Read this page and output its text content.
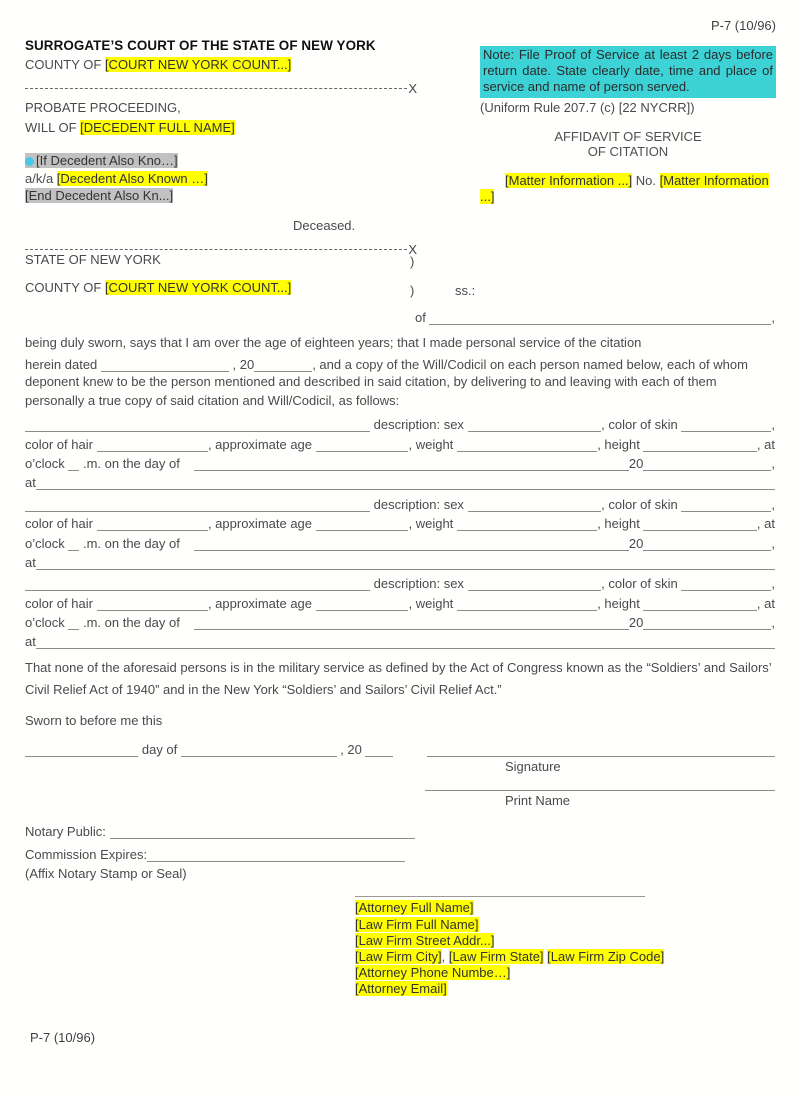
P-7 (10/96)
Note: File Proof of Service at least 2 days before return date. State clearly date, time and place of service and name of person served.
(Uniform Rule 207.7 (c) [22 NYCRR])
AFFIDAVIT OF SERVICE
OF CITATION
[Matter Information ...] No. [Matter Information ...]
SURROGATE’S COURT OF THE STATE OF NEW YORK
COUNTY OF [COURT NEW YORK COUNT...]
X
PROBATE PROCEEDING,
WILL OF [DECEDENT FULL NAME]
[If Decedent Also Kno…]
a/k/a [Decedent Also Known …]
[End Decedent Also Kn...]
Deceased.
X
STATE OF NEW YORK	)
COUNTY OF [COURT NEW YORK COUNT...]	)	ss.:
of	,
being duly sworn, says that I am over the age of eighteen years; that I made personal service of the citation
herein dated	, 20	, and a copy of the Will/Codicil on each person named below, each of whom
deponent knew to be the person mentioned and described in said citation, by delivering to and leaving with each of them
personally a true copy of said citation and Will/Codicil, as follows:
description: sex	, color of skin	,
color of hair	, approximate age	, weight	, height	, at
o’clock .m. on the day of	20	,
at
description: sex	, color of skin	,
color of hair	, approximate age	, weight	, height	, at
o’clock .m. on the day of	20	,
at
description: sex	, color of skin	,
color of hair	, approximate age	, weight	, height	, at
o’clock .m. on the day of	20	,
at
That none of the aforesaid persons is in the military service as defined by the Act of Congress known as the “Soldiers’ and Sailors’ Civil Relief Act of 1940” and in the New York “Soldiers’ and Sailors’ Civil Relief Act.”
Sworn to before me this
day of	, 20
Signature
Print Name
Notary Public:
Commission Expires:
(Affix Notary Stamp or Seal)
[Attorney Full Name]
[Law Firm Full Name]
[Law Firm Street Addr...]
[Law Firm City], [Law Firm State] [Law Firm Zip Code]
[Attorney Phone Numbe…]
[Attorney Email]
P-7 (10/96)
